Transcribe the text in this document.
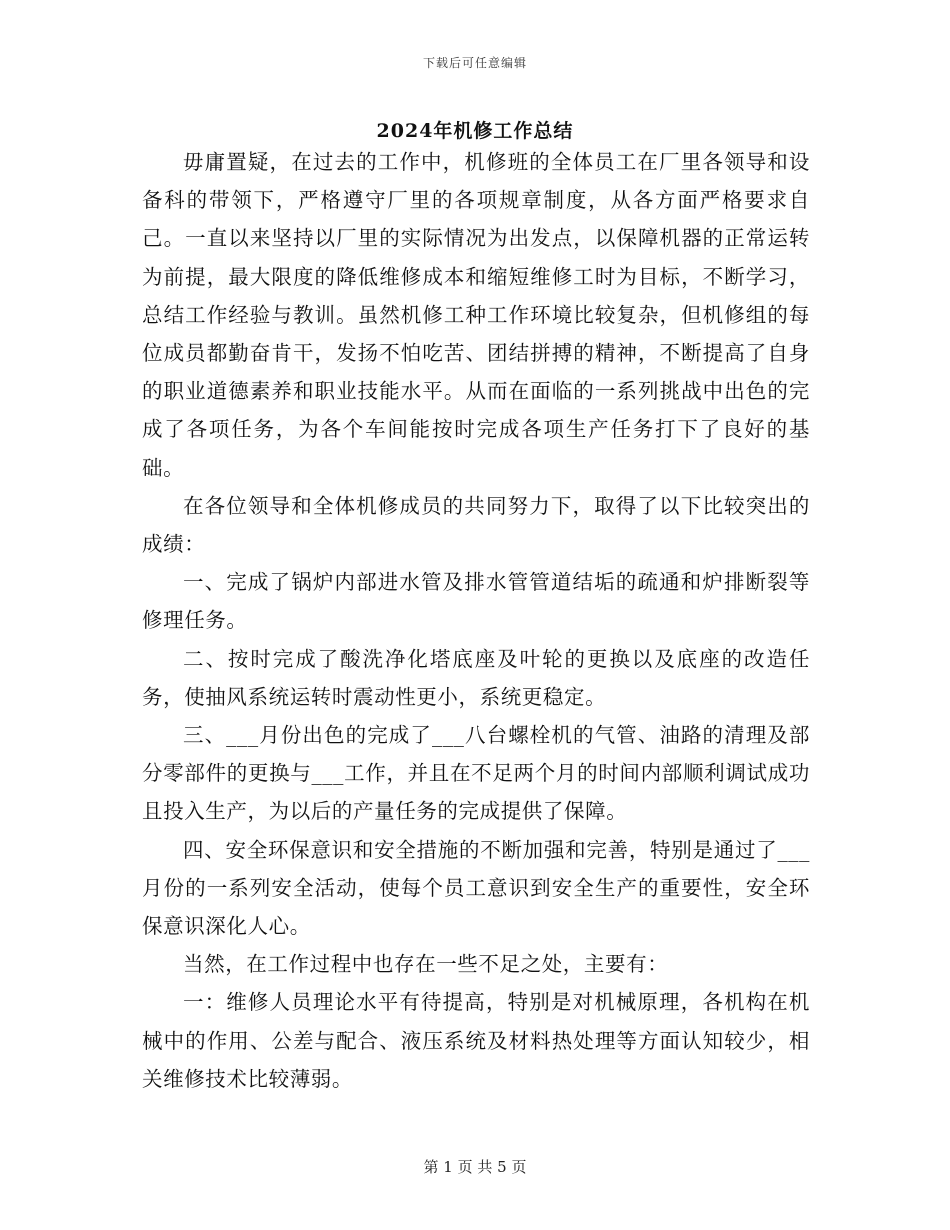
下载后可任意编辑
2024年机修工作总结

毋庸置疑，在过去的工作中，机修班的全体员工在厂里各领导和设备科的带领下，严格遵守厂里的各项规章制度，从各方面严格要求自己。一直以来坚持以厂里的实际情况为出发点，以保障机器的正常运转为前提，最大限度的降低维修成本和缩短维修工时为目标，不断学习，总结工作经验与教训。虽然机修工种工作环境比较复杂，但机修组的每位成员都勤奋肯干，发扬不怕吃苦、团结拼搏的精神，不断提高了自身的职业道德素养和职业技能水平。从而在面临的一系列挑战中出色的完成了各项任务，为各个车间能按时完成各项生产任务打下了良好的基础。

在各位领导和全体机修成员的共同努力下，取得了以下比较突出的成绩：

一、完成了锅炉内部进水管及排水管管道结垢的疏通和炉排断裂等修理任务。

二、按时完成了酸洗净化塔底座及叶轮的更换以及底座的改造任务，使抽风系统运转时震动性更小，系统更稳定。

三、___月份出色的完成了___八台螺栓机的气管、油路的清理及部分零部件的更换与___工作，并且在不足两个月的时间内部顺利调试成功且投入生产，为以后的产量任务的完成提供了保障。

四、安全环保意识和安全措施的不断加强和完善，特别是通过了___月份的一系列安全活动，使每个员工意识到安全生产的重要性，安全环保意识深化人心。

当然，在工作过程中也存在一些不足之处，主要有：

一：维修人员理论水平有待提高，特别是对机械原理，各机构在机械中的作用、公差与配合、液压系统及材料热处理等方面认知较少，相关维修技术比较薄弱。

第 1 页 共 5 页
